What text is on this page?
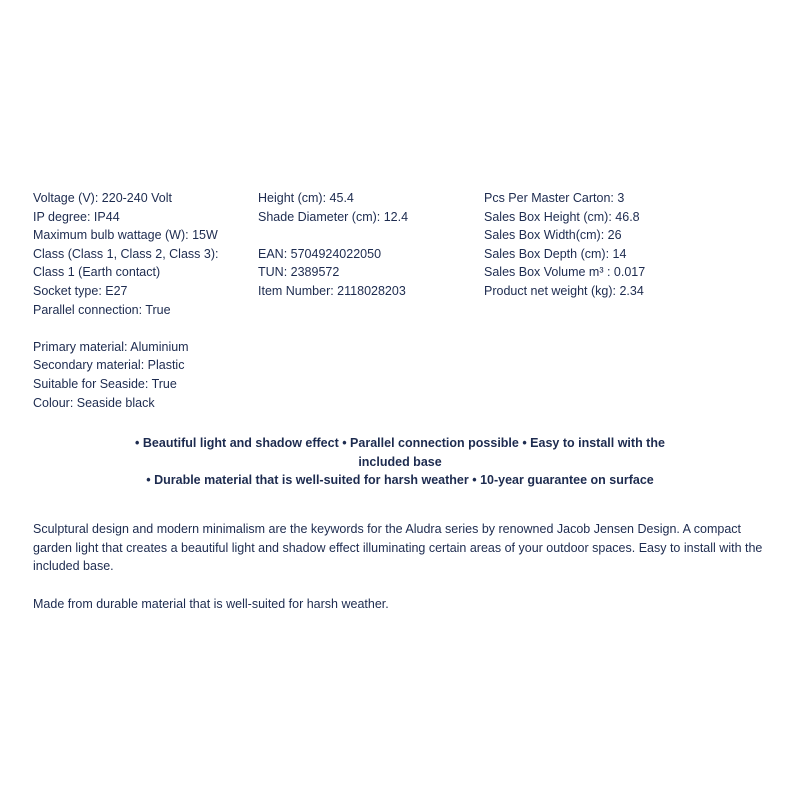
Voltage (V): 220-240 Volt
IP degree: IP44
Maximum bulb wattage (W): 15W
Class (Class 1, Class 2, Class 3):
Class 1 (Earth contact)
Socket type: E27
Parallel connection: True
Primary material: Aluminium
Secondary material: Plastic
Suitable for Seaside: True
Colour: Seaside black
Height (cm): 45.4
Shade Diameter (cm): 12.4
EAN: 5704924022050
TUN: 2389572
Item Number: 2118028203
Pcs Per Master Carton: 3
Sales Box Height (cm): 46.8
Sales Box Width(cm): 26
Sales Box Depth (cm): 14
Sales Box Volume m³ : 0.017
Product net weight (kg): 2.34
• Beautiful light and shadow effect • Parallel connection possible • Easy to install with the
included base
• Durable material that is well-suited for harsh weather • 10-year guarantee on surface

Sculptural design and modern minimalism are the keywords for the Aludra series by renowned Jacob Jensen Design. A compact garden light that creates a beautiful light and shadow effect illuminating certain areas of your outdoor spaces. Easy to install with the included base.

Made from durable material that is well-suited for harsh weather.
